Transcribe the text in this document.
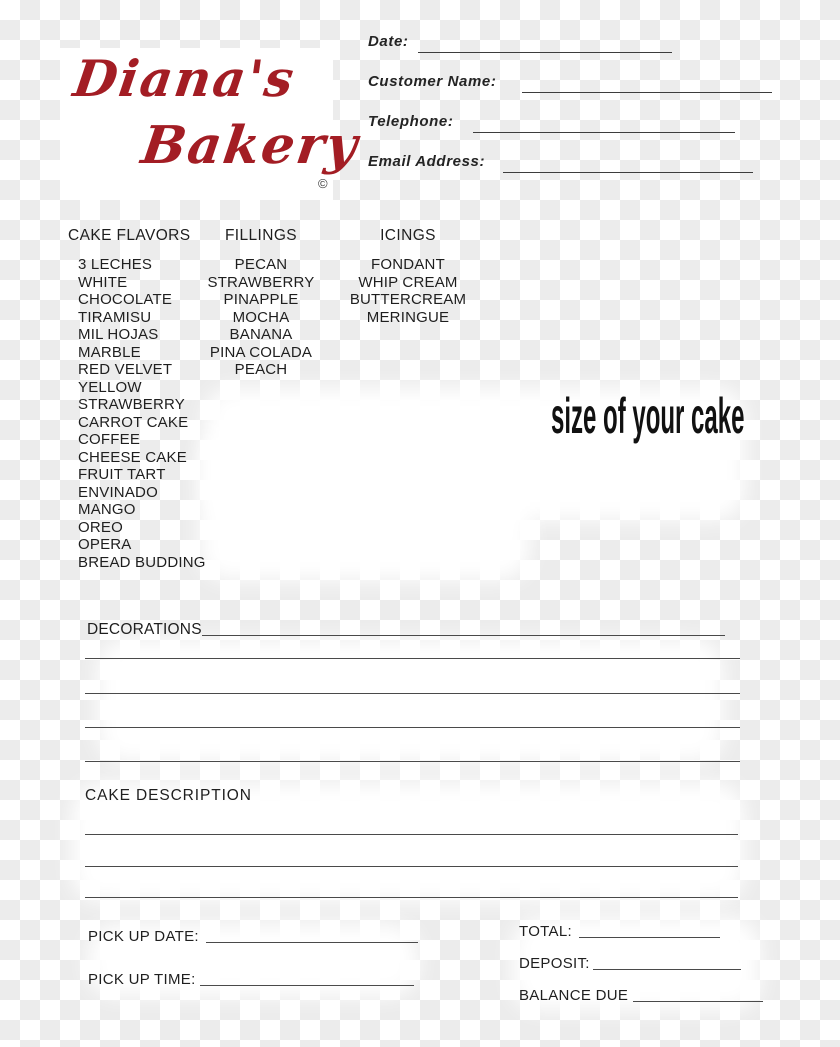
Diana's
Bakery
©
Date:
Customer Name:
Telephone:
Email Address:
CAKE FLAVORS
3 LECHES
WHITE
CHOCOLATE
TIRAMISU
MIL HOJAS
MARBLE
RED VELVET
YELLOW
STRAWBERRY
CARROT CAKE
COFFEE
CHEESE CAKE
FRUIT TART
ENVINADO
MANGO
OREO
OPERA
BREAD BUDDING
FILLINGS
PECAN
STRAWBERRY
PINAPPLE
MOCHA
BANANA
PINA COLADA
PEACH
ICINGS
FONDANT
WHIP CREAM
BUTTERCREAM
MERINGUE
size of your cake
DECORATIONS
CAKE DESCRIPTION
PICK UP DATE:
PICK UP TIME:
TOTAL:
DEPOSIT:
BALANCE DUE
